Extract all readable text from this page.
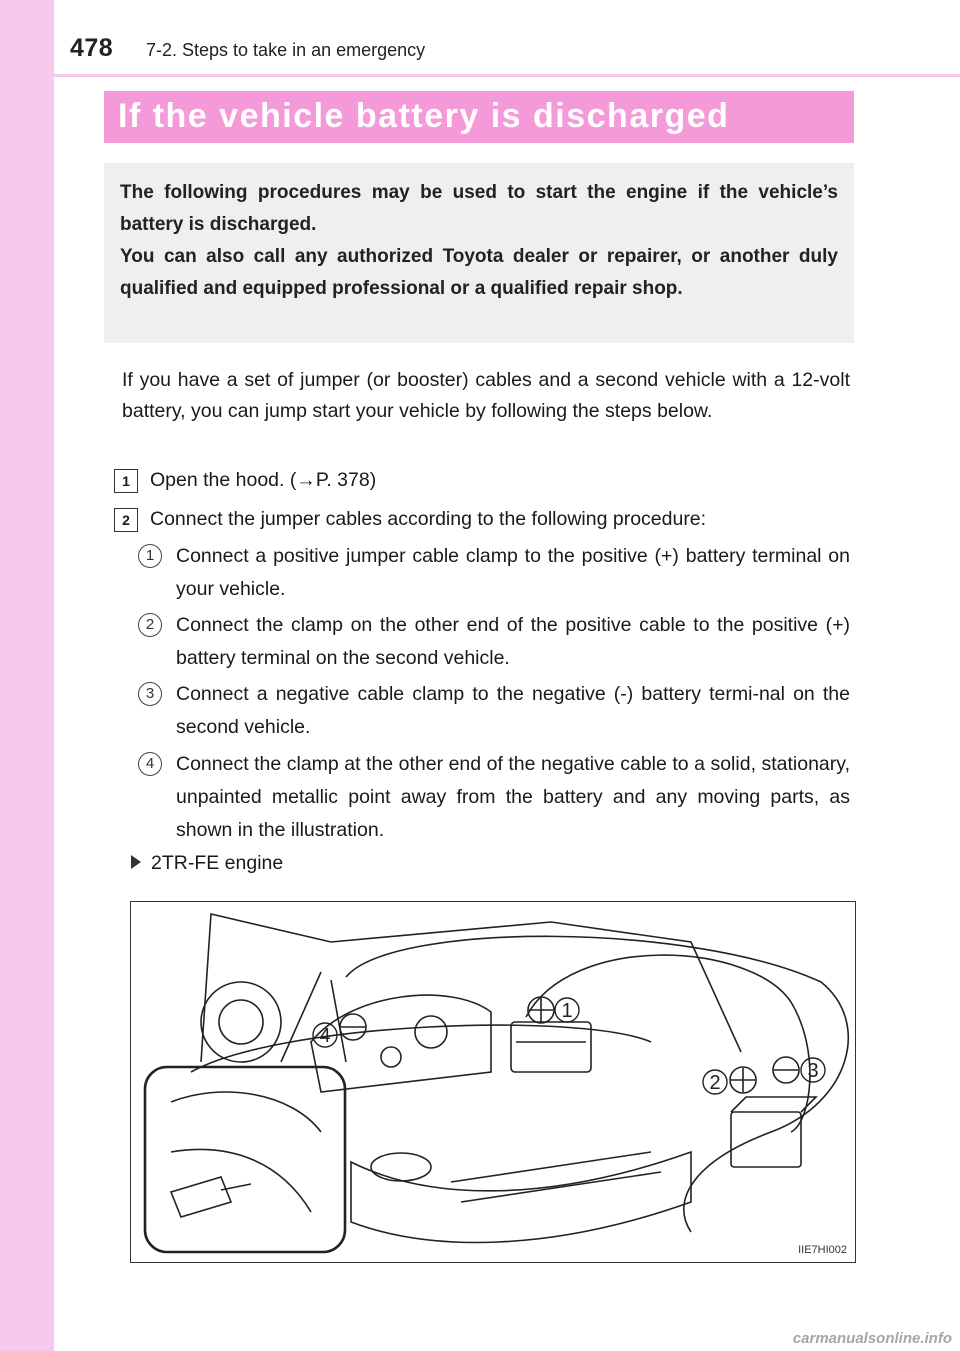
478 7-2. Steps to take in an emergency
If the vehicle battery is discharged

The following procedures may be used to start the engine if the vehicle’s battery is discharged.

You can also call any authorized Toyota dealer or repairer, or another duly qualified and equipped professional or a qualified repair shop.

If you have a set of jumper (or booster) cables and a second vehicle with a 12-volt battery, you can jump start your vehicle by following the steps below.
1	Open the hood. (→P. 378)
2	Connect the jumper cables according to the following procedure:
1	Connect a positive jumper cable clamp to the positive (+) battery terminal on your vehicle.
2	Connect the clamp on the other end of the positive cable to the positive (+) battery terminal on the second vehicle.
3	Connect a negative cable clamp to the negative (-) battery termi-nal on the second vehicle.
4	Connect the clamp at the other end of the negative cable to a solid, stationary, unpainted metallic point away from the battery and any moving parts, as shown in the illustration.
2TR-FE engine
1
2
3
4
IIE7HI002
carmanualsonline.info
